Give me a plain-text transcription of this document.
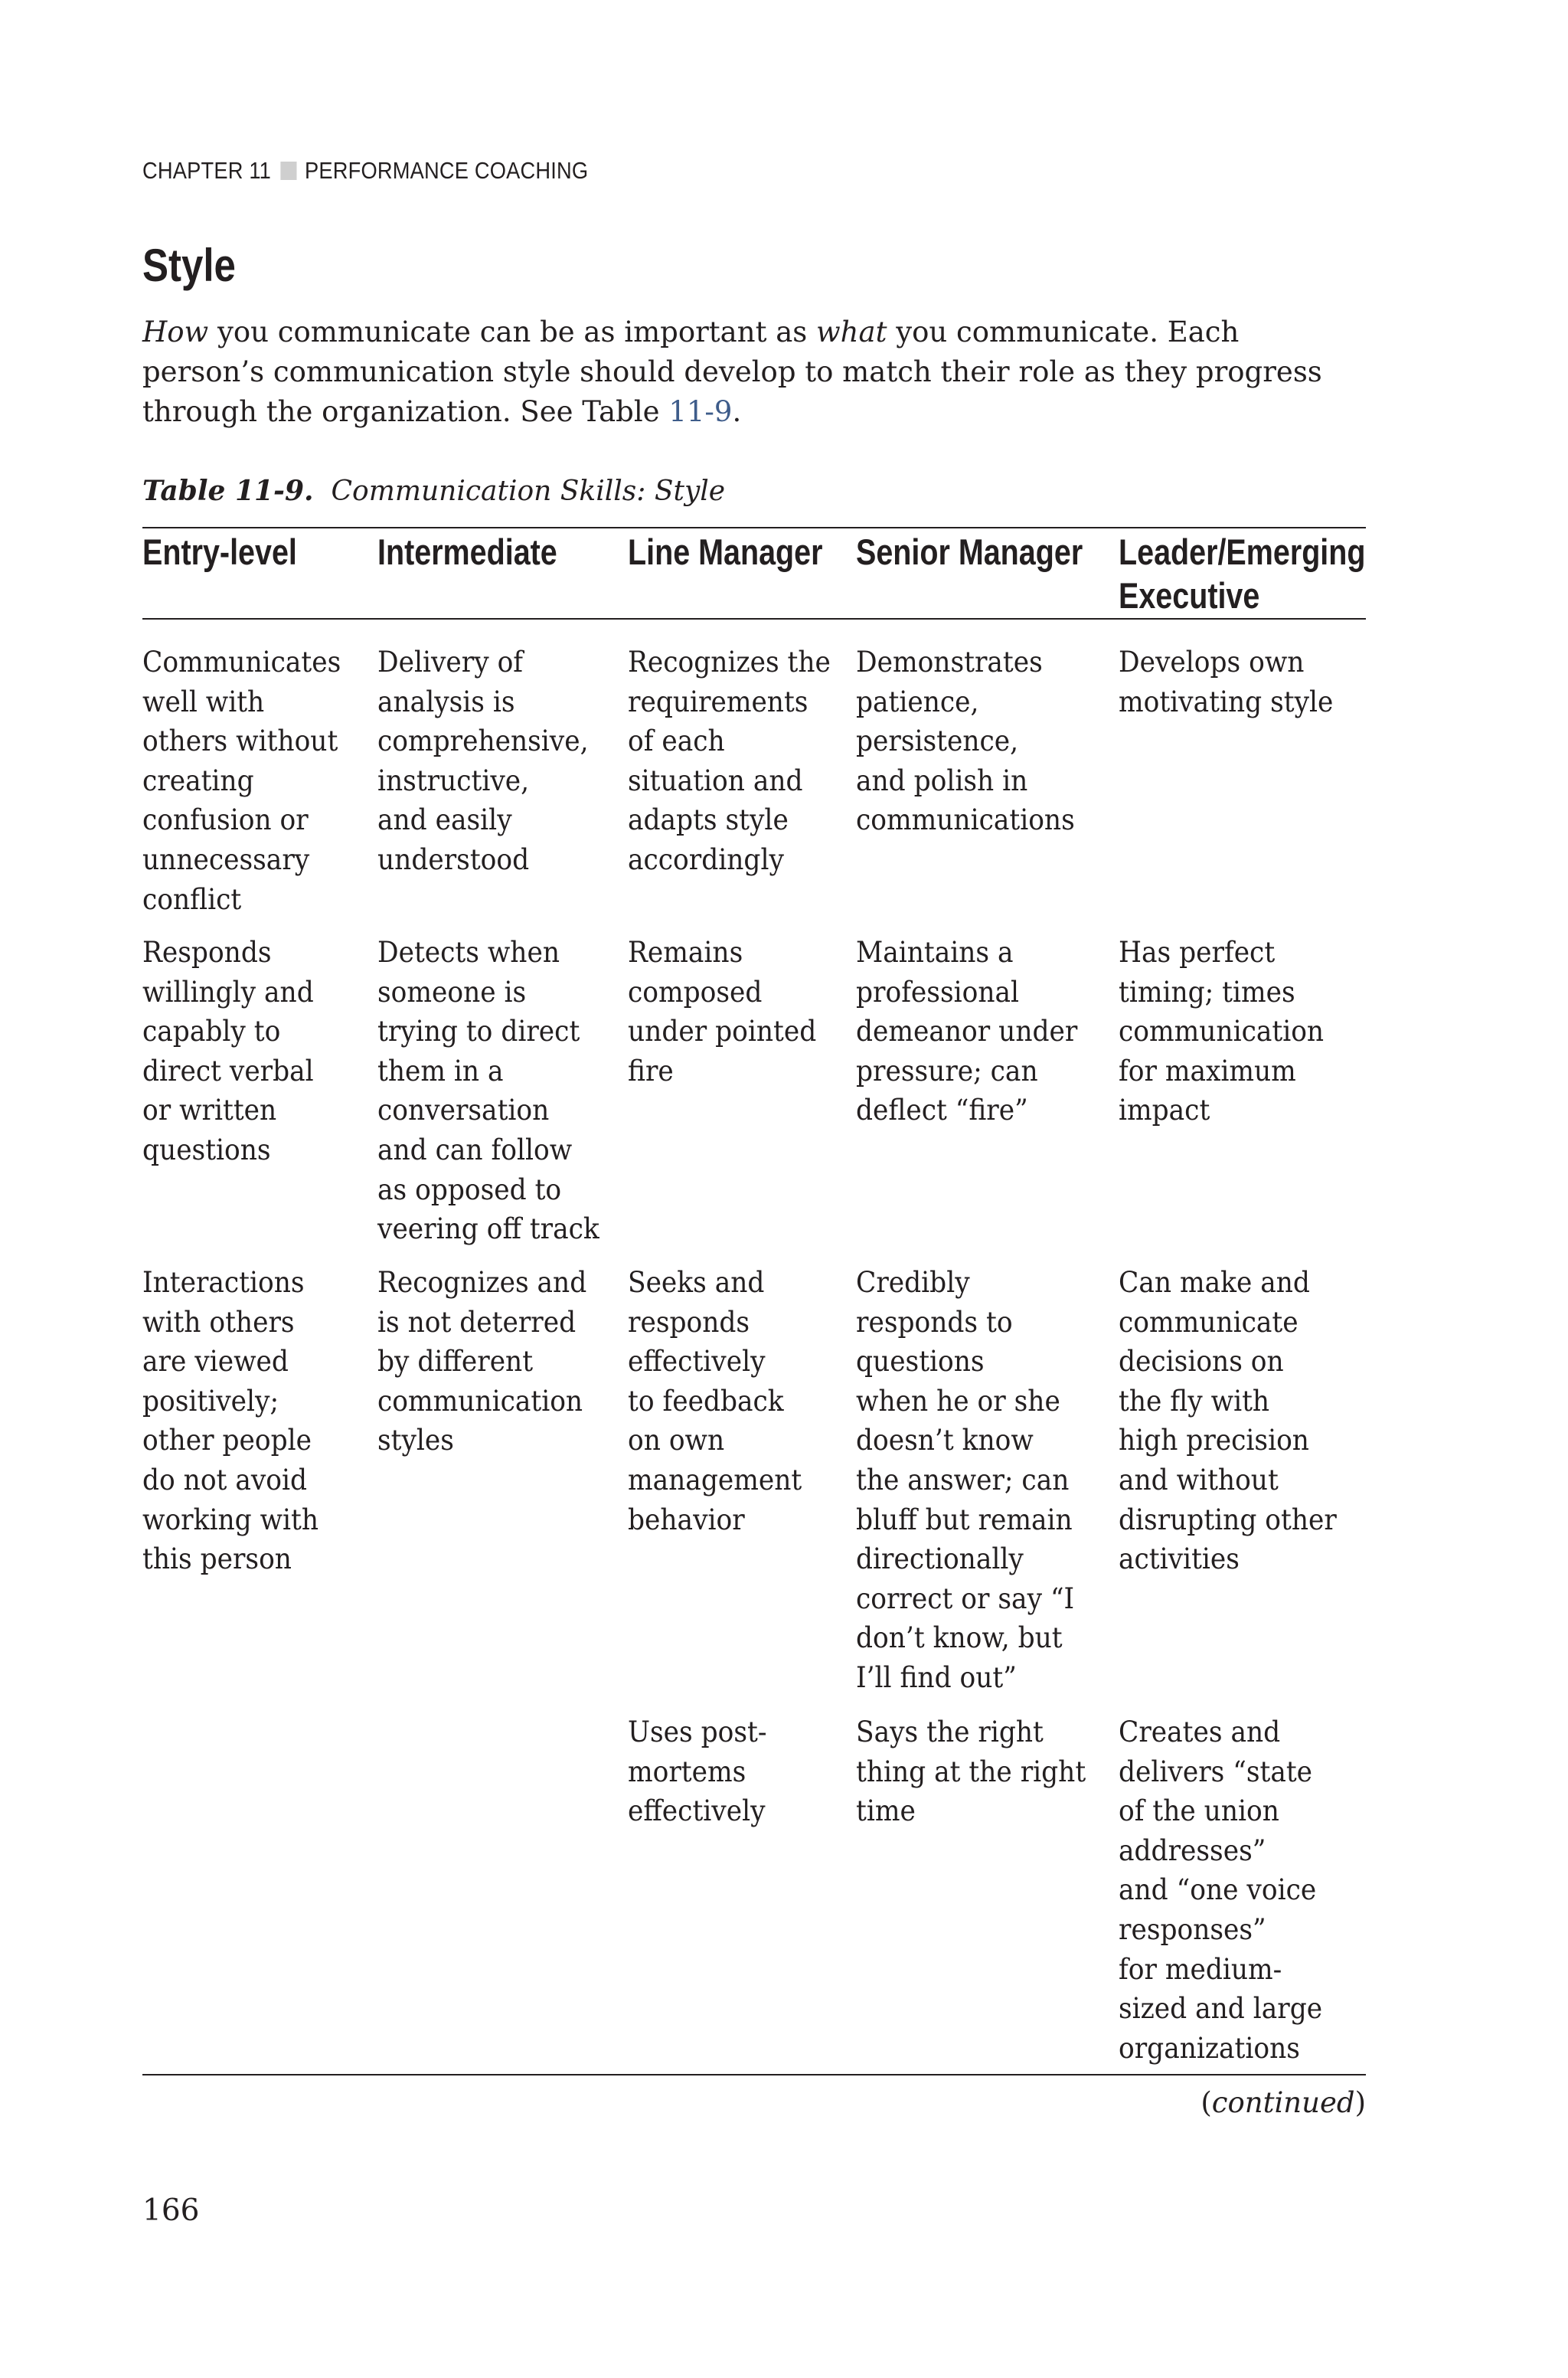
CHAPTER 11 PERFORMANCE COACHING
Style

How you communicate can be as important as what you communicate. Each person’s communication style should develop to match their role as they progress through the organization. See Table 11-9.

Table 11-9. Communication Skills: Style
Entry-level Intermediate Line Manager Senior Manager Leader/Emerging
Executive
Communicates
well with
others without
creating
confusion or
unnecessary
conflict
Delivery of
analysis is
comprehensive,
instructive,
and easily
understood
Recognizes the
requirements
of each
situation and
adapts style
accordingly
Demonstrates
patience,
persistence,
and polish in
communications
Develops own
motivating style
Responds
willingly and
capably to
direct verbal
or written
questions
Detects when
someone is
trying to direct
them in a
conversation
and can follow
as opposed to
veering off track
Remains
composed
under pointed
fire
Maintains a
professional
demeanor under
pressure; can
deflect “fire”
Has perfect
timing; times
communication
for maximum
impact
Interactions
with others
are viewed
positively;
other people
do not avoid
working with
this person
Recognizes and
is not deterred
by different
communication
styles
Seeks and
responds
effectively
to feedback
on own
management
behavior
Credibly
responds to
questions
when he or she
doesn’t know
the answer; can
bluff but remain
directionally
correct or say “I
don’t know, but
I’ll find out”
Can make and
communicate
decisions on
the fly with
high precision
and without
disrupting other
activities
Uses post-
mortems
effectively
Says the right
thing at the right
time
Creates and
delivers “state
of the union
addresses”
and “one voice
responses”
for medium-
sized and large
organizations
(continued)
166
